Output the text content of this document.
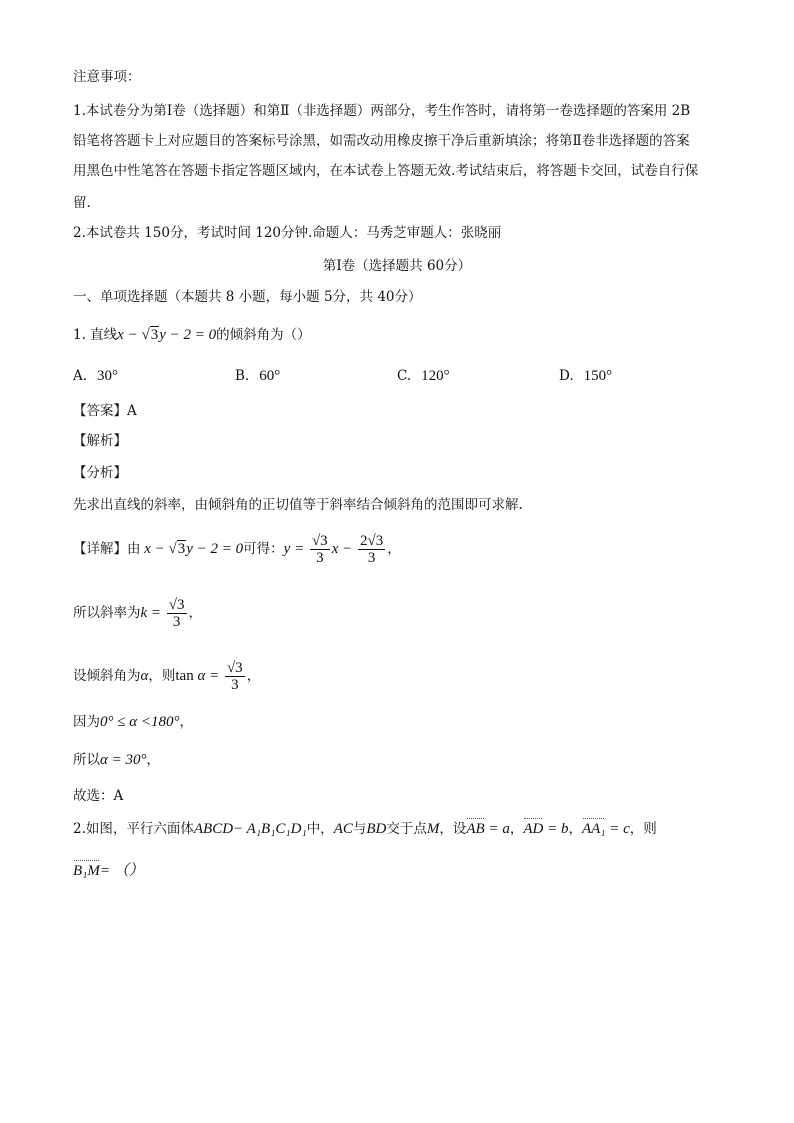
注意事项：
1.本试卷分为第Ⅰ卷（选择题）和第Ⅱ（非选择题）两部分，考生作答时，请将第一卷选择题的答案用 2B
铅笔将答题卡上对应题目的答案标号涂黑，如需改动用橡皮擦干净后重新填涂；将第Ⅱ卷非选择题的答案
用黑色中性笔答在答题卡指定答题区域内，在本试卷上答题无效.考试结束后，将答题卡交回，试卷自行保
留.
2.本试卷共 150分，考试时间 120分钟.命题人：马秀芝审题人：张晓丽
第Ⅰ卷（选择题共 60分）
一、单项选择题（本题共 8 小题，每小题 5分，共 40分）
1. 直线x − √3y − 2 = 0的倾斜角为（）
A. 30°	B. 60°	C. 120°	D. 150°
【答案】A
【解析】
【分析】
先求出直线的斜率，由倾斜角的正切值等于斜率结合倾斜角的范围即可求解.
【详解】由 x − √3y − 2 = 0可得：$y = \frac{√3}{3}$ $x - \frac{2√3}{3}$ ，
所以斜率为$k = \frac{√3}{3}$ ，
设倾斜角为α，则$\tan \alpha = \frac{√3}{3}$ ，
因为0° ≤ α <180°，
所以α = 30°，
故选：A
2.如图，平行六面体ABCD− A₁B₁C₁D₁中，AC与BD交于点M，设AB = a，AD = b，AA₁ = c，则
B₁M= （）
